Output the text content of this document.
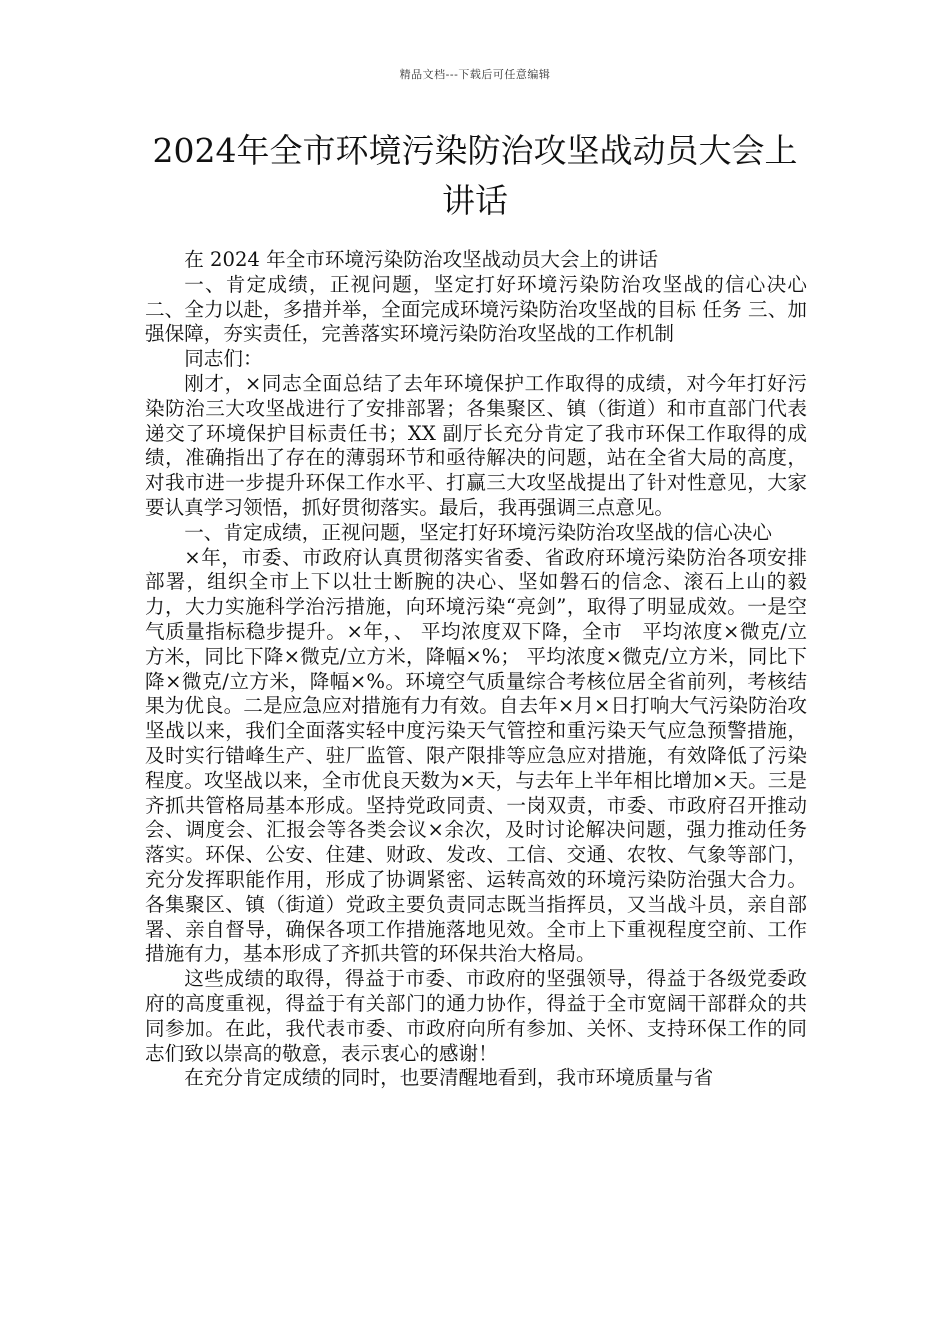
精品文档---下载后可任意编辑
2024年全市环境污染防治攻坚战动员大会上讲话

在 2024 年全市环境污染防治攻坚战动员大会上的讲话

一、肯定成绩，正视问题，坚定打好环境污染防治攻坚战的信心决心 二、全力以赴，多措并举，全面完成环境污染防治攻坚战的目标 任务 三、加强保障，夯实责任，完善落实环境污染防治攻坚战的工作机制

同志们：

刚才，×同志全面总结了去年环境保护工作取得的成绩，对今年打好污染防治三大攻坚战进行了安排部署；各集聚区、镇（街道）和市直部门代表递交了环境保护目标责任书；XX 副厅长充分肯定了我市环保工作取得的成绩，准确指出了存在的薄弱环节和亟待解决的问题，站在全省大局的高度，对我市进一步提升环保工作水平、打赢三大攻坚战提出了针对性意见，大家要认真学习领悟，抓好贯彻落实。最后，我再强调三点意见。

一、肯定成绩，正视问题，坚定打好环境污染防治攻坚战的信心决心

×年，市委、市政府认真贯彻落实省委、省政府环境污染防治各项安排部署，组织全市上下以壮士断腕的决心、坚如磐石的信念、滚石上山的毅力，大力实施科学治污措施，向环境污染“亮剑”，取得了明显成效。一是空气质量指标稳步提升。×年，、 平均浓度双下降，全市　平均浓度×微克/立方米，同比下降×微克/立方米，降幅×%； 平均浓度×微克/立方米，同比下降×微克/立方米，降幅×%。环境空气质量综合考核位居全省前列，考核结果为优良。二是应急应对措施有力有效。自去年×月×日打响大气污染防治攻坚战以来，我们全面落实轻中度污染天气管控和重污染天气应急预警措施，及时实行错峰生产、驻厂监管、限产限排等应急应对措施，有效降低了污染程度。攻坚战以来，全市优良天数为×天，与去年上半年相比增加×天。三是齐抓共管格局基本形成。坚持党政同责、一岗双责，市委、市政府召开推动会、调度会、汇报会等各类会议×余次，及时讨论解决问题，强力推动任务落实。环保、公安、住建、财政、发改、工信、交通、农牧、气象等部门，充分发挥职能作用，形成了协调紧密、运转高效的环境污染防治强大合力。各集聚区、镇（街道）党政主要负责同志既当指挥员，又当战斗员，亲自部署、亲自督导，确保各项工作措施落地见效。全市上下重视程度空前、工作措施有力，基本形成了齐抓共管的环保共治大格局。

这些成绩的取得，得益于市委、市政府的坚强领导，得益于各级党委政府的高度重视，得益于有关部门的通力协作，得益于全市宽阔干部群众的共同参加。在此，我代表市委、市政府向所有参加、关怀、支持环保工作的同志们致以崇高的敬意，表示衷心的感谢！

在充分肯定成绩的同时，也要清醒地看到，我市环境质量与省
